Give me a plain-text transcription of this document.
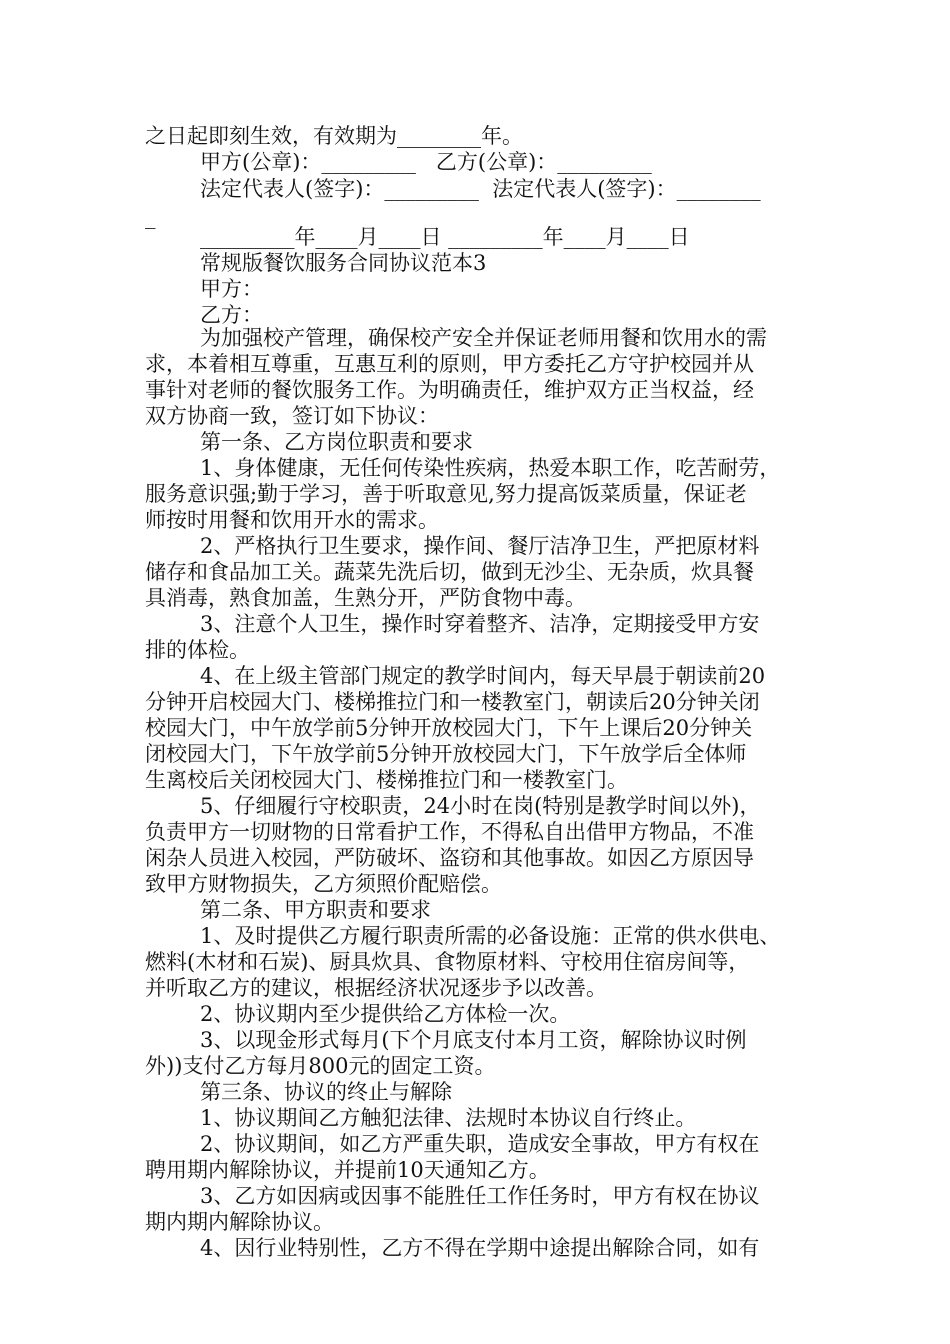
之日起即刻生效，有效期为________年。
甲方(公章)：_________   乙方(公章)：_________
法定代表人(签字)：_________  法定代表人(签字)：________
_
_________年____月____日 _________年____月____日
常规版餐饮服务合同协议范本3
甲方：
乙方：
为加强校产管理，确保校产安全并保证老师用餐和饮用水的需
求，本着相互尊重，互惠互利的原则，甲方委托乙方守护校园并从
事针对老师的餐饮服务工作。为明确责任，维护双方正当权益，经
双方协商一致，签订如下协议：
第一条、乙方岗位职责和要求
1、身体健康，无任何传染性疾病，热爱本职工作，吃苦耐劳，
服务意识强;勤于学习，善于听取意见,努力提高饭菜质量，保证老
师按时用餐和饮用开水的需求。
2、严格执行卫生要求，操作间、餐厅洁净卫生，严把原材料
储存和食品加工关。蔬菜先洗后切，做到无沙尘、无杂质，炊具餐
具消毒，熟食加盖，生熟分开，严防食物中毒。
3、注意个人卫生，操作时穿着整齐、洁净，定期接受甲方安
排的体检。
4、在上级主管部门规定的教学时间内，每天早晨于朝读前20
分钟开启校园大门、楼梯推拉门和一楼教室门，朝读后20分钟关闭
校园大门，中午放学前5分钟开放校园大门，下午上课后20分钟关
闭校园大门，下午放学前5分钟开放校园大门，下午放学后全体师
生离校后关闭校园大门、楼梯推拉门和一楼教室门。
5、仔细履行守校职责，24小时在岗(特别是教学时间以外)，
负责甲方一切财物的日常看护工作，不得私自出借甲方物品，不准
闲杂人员进入校园，严防破坏、盗窃和其他事故。如因乙方原因导
致甲方财物损失，乙方须照价配赔偿。
第二条、甲方职责和要求
1、及时提供乙方履行职责所需的必备设施：正常的供水供电、
燃料(木材和石炭)、厨具炊具、食物原材料、守校用住宿房间等，
并听取乙方的建议，根据经济状况逐步予以改善。
2、协议期内至少提供给乙方体检一次。
3、以现金形式每月(下个月底支付本月工资，解除协议时例
外))支付乙方每月800元的固定工资。
第三条、协议的终止与解除
1、协议期间乙方触犯法律、法规时本协议自行终止。
2、协议期间，如乙方严重失职，造成安全事故，甲方有权在
聘用期内解除协议，并提前10天通知乙方。
3、乙方如因病或因事不能胜任工作任务时，甲方有权在协议
期内期内解除协议。
4、因行业特别性，乙方不得在学期中途提出解除合同，如有
